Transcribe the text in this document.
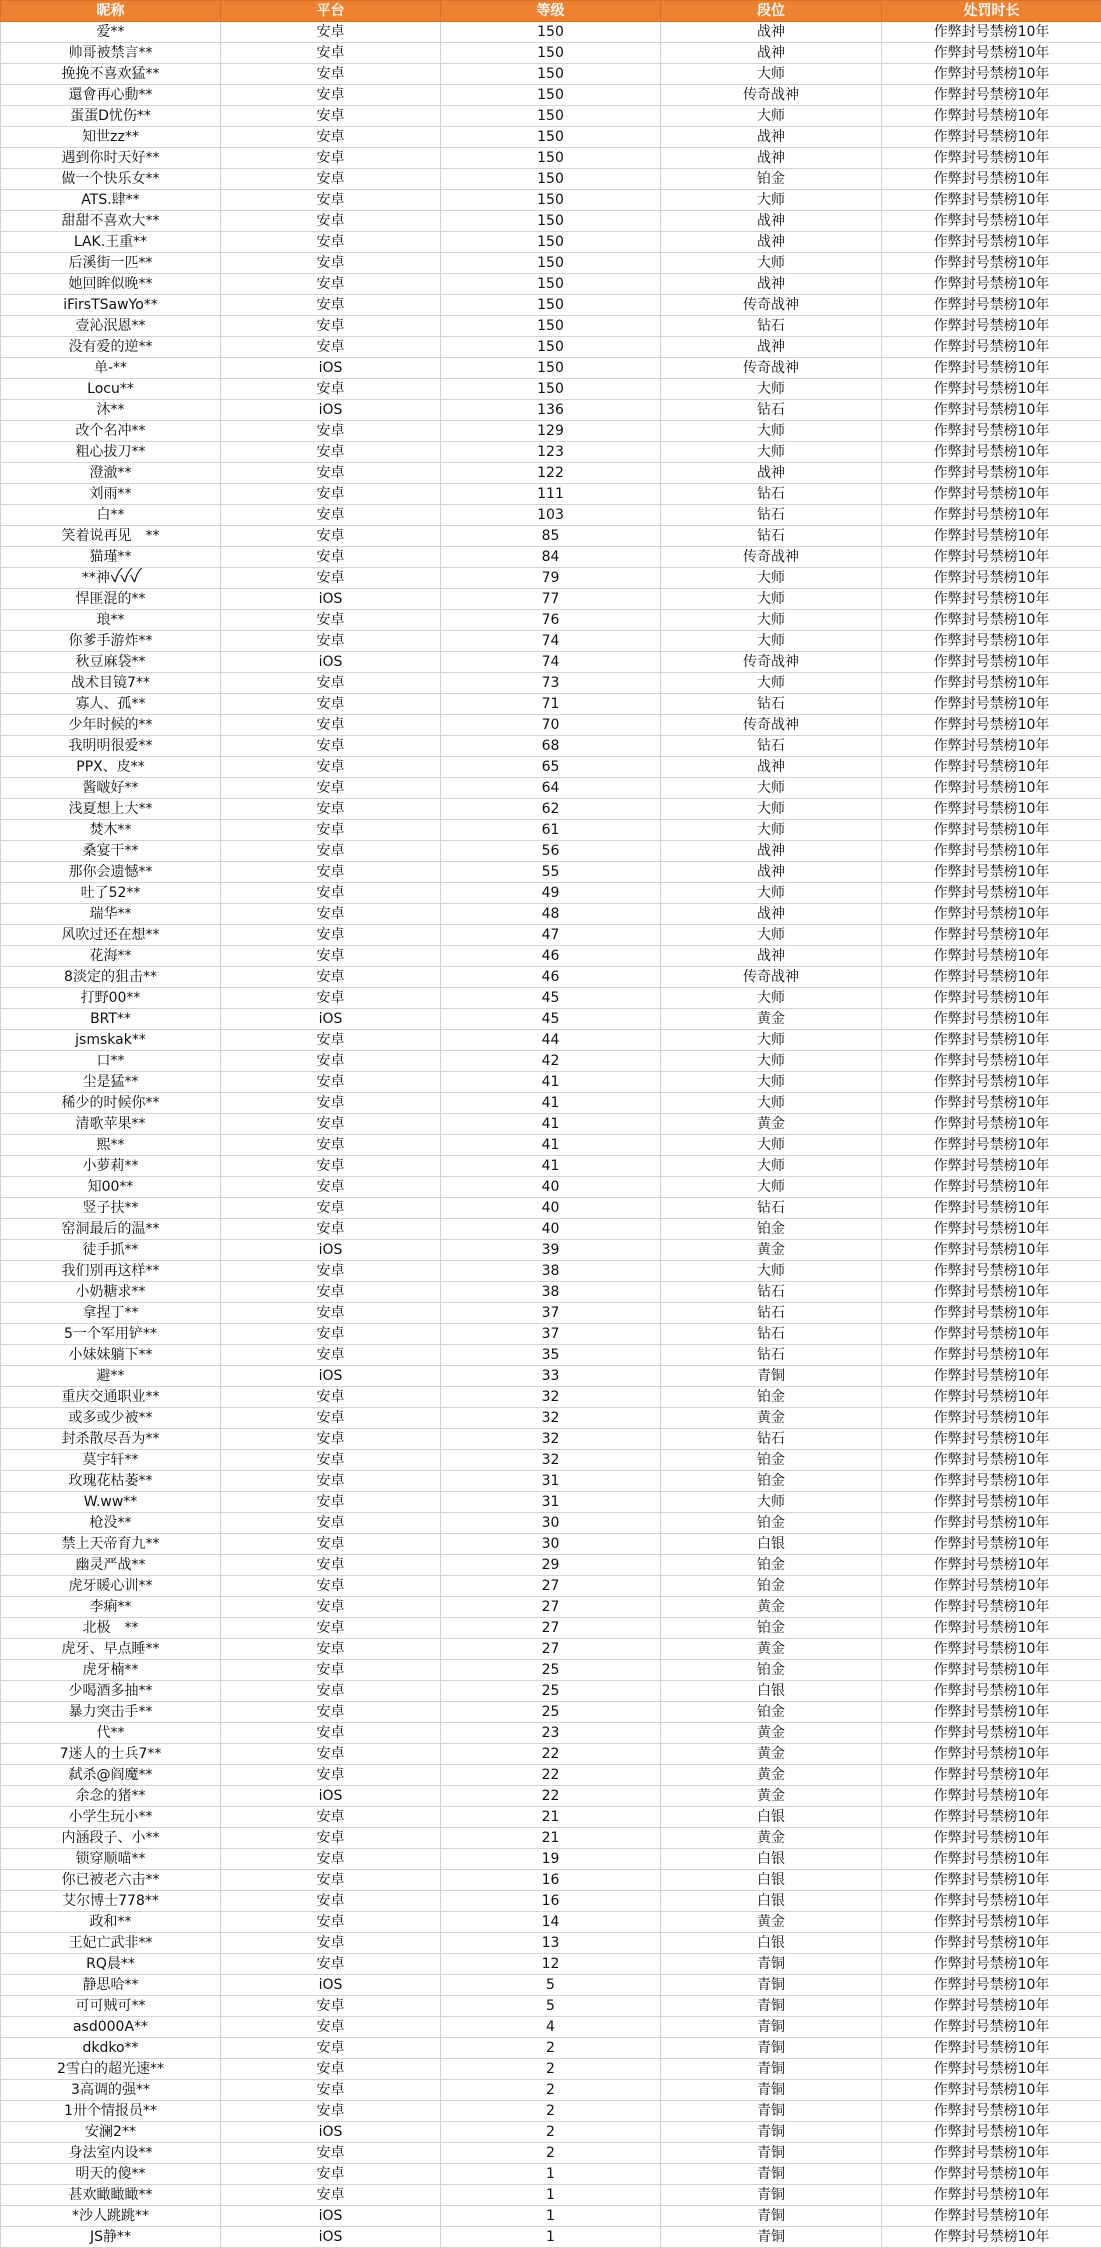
昵称	平台	等级	段位	处罚时长
爱**	安卓	150	战神	作弊封号禁榜10年
帅哥被禁言**	安卓	150	战神	作弊封号禁榜10年
挽挽不喜欢猛**	安卓	150	大师	作弊封号禁榜10年
還會再心動**	安卓	150	传奇战神	作弊封号禁榜10年
蛋蛋D忧伤**	安卓	150	大师	作弊封号禁榜10年
知世zz**	安卓	150	战神	作弊封号禁榜10年
遇到你时天好**	安卓	150	战神	作弊封号禁榜10年
做一个快乐女**	安卓	150	铂金	作弊封号禁榜10年
ATS.肆**	安卓	150	大师	作弊封号禁榜10年
甜甜不喜欢大**	安卓	150	战神	作弊封号禁榜10年
LAK.王重**	安卓	150	战神	作弊封号禁榜10年
后溪街一匹**	安卓	150	大师	作弊封号禁榜10年
她回眸似晚**	安卓	150	战神	作弊封号禁榜10年
iFirsTSawYo**	安卓	150	传奇战神	作弊封号禁榜10年
壹沁泯恩**	安卓	150	钻石	作弊封号禁榜10年
没有爱的逆**	安卓	150	战神	作弊封号禁榜10年
单-**	iOS	150	传奇战神	作弊封号禁榜10年
Locu**	安卓	150	大师	作弊封号禁榜10年
沐**	iOS	136	钻石	作弊封号禁榜10年
改个名冲**	安卓	129	大师	作弊封号禁榜10年
粗心拔刀**	安卓	123	大师	作弊封号禁榜10年
澄澈**	安卓	122	战神	作弊封号禁榜10年
刘雨**	安卓	111	钻石	作弊封号禁榜10年
白**	安卓	103	钻石	作弊封号禁榜10年
笑着说再见　**	安卓	85	钻石	作弊封号禁榜10年
猫瑾**	安卓	84	传奇战神	作弊封号禁榜10年
**神ꪜꪜꪜ	安卓	79	大师	作弊封号禁榜10年
悍匪混的**	iOS	77	大师	作弊封号禁榜10年
琅**	安卓	76	大师	作弊封号禁榜10年
你爹手游炸**	安卓	74	大师	作弊封号禁榜10年
秋豆麻袋**	iOS	74	传奇战神	作弊封号禁榜10年
战术目镜7**	安卓	73	大师	作弊封号禁榜10年
寡人、孤**	安卓	71	钻石	作弊封号禁榜10年
少年时候的**	安卓	70	传奇战神	作弊封号禁榜10年
我明明很爱**	安卓	68	钻石	作弊封号禁榜10年
PPX、皮**	安卓	65	战神	作弊封号禁榜10年
酱啵好**	安卓	64	大师	作弊封号禁榜10年
浅夏想上大**	安卓	62	大师	作弊封号禁榜10年
焚木**	安卓	61	大师	作弊封号禁榜10年
桑宴干**	安卓	56	战神	作弊封号禁榜10年
那你会遗憾**	安卓	55	战神	作弊封号禁榜10年
吐了52**	安卓	49	大师	作弊封号禁榜10年
瑞华**	安卓	48	战神	作弊封号禁榜10年
风吹过还在想**	安卓	47	大师	作弊封号禁榜10年
花海**	安卓	46	战神	作弊封号禁榜10年
8淡定的狙击**	安卓	46	传奇战神	作弊封号禁榜10年
打野00**	安卓	45	大师	作弊封号禁榜10年
BRT**	iOS	45	黄金	作弊封号禁榜10年
jsmskak**	安卓	44	大师	作弊封号禁榜10年
口**	安卓	42	大师	作弊封号禁榜10年
尘是猛**	安卓	41	大师	作弊封号禁榜10年
稀少的时候你**	安卓	41	大师	作弊封号禁榜10年
清歌苹果**	安卓	41	黄金	作弊封号禁榜10年
熙**	安卓	41	大师	作弊封号禁榜10年
小萝莉**	安卓	41	大师	作弊封号禁榜10年
知00**	安卓	40	大师	作弊封号禁榜10年
竖子扶**	安卓	40	钻石	作弊封号禁榜10年
窑洞最后的温**	安卓	40	铂金	作弊封号禁榜10年
徒手抓**	iOS	39	黄金	作弊封号禁榜10年
我们别再这样**	安卓	38	大师	作弊封号禁榜10年
小奶糖求**	安卓	38	钻石	作弊封号禁榜10年
拿捏丁**	安卓	37	钻石	作弊封号禁榜10年
5一个军用铲**	安卓	37	钻石	作弊封号禁榜10年
小妹妹躺下**	安卓	35	钻石	作弊封号禁榜10年
避**	iOS	33	青铜	作弊封号禁榜10年
重庆交通职业**	安卓	32	铂金	作弊封号禁榜10年
或多或少被**	安卓	32	黄金	作弊封号禁榜10年
封杀散尽吾为**	安卓	32	钻石	作弊封号禁榜10年
莫宇轩**	安卓	32	铂金	作弊封号禁榜10年
玫瑰花枯萎**	安卓	31	铂金	作弊封号禁榜10年
W.ww**	安卓	31	大师	作弊封号禁榜10年
枪没**	安卓	30	铂金	作弊封号禁榜10年
禁上天帝育九**	安卓	30	白银	作弊封号禁榜10年
幽灵严战**	安卓	29	铂金	作弊封号禁榜10年
虎牙暖心训**	安卓	27	铂金	作弊封号禁榜10年
李痢**	安卓	27	黄金	作弊封号禁榜10年
北极　**	安卓	27	铂金	作弊封号禁榜10年
虎牙、早点睡**	安卓	27	黄金	作弊封号禁榜10年
虎牙楠**	安卓	25	铂金	作弊封号禁榜10年
少喝酒多抽**	安卓	25	白银	作弊封号禁榜10年
暴力突击手**	安卓	25	铂金	作弊封号禁榜10年
代**	安卓	23	黄金	作弊封号禁榜10年
7迷人的士兵7**	安卓	22	黄金	作弊封号禁榜10年
弑杀@阎魔**	安卓	22	黄金	作弊封号禁榜10年
余念的猪**	iOS	22	黄金	作弊封号禁榜10年
小学生玩小**	安卓	21	白银	作弊封号禁榜10年
内涵段子、小**	安卓	21	黄金	作弊封号禁榜10年
锁穿顺喵**	安卓	19	白银	作弊封号禁榜10年
你已被老六击**	安卓	16	白银	作弊封号禁榜10年
艾尔博士778**	安卓	16	白银	作弊封号禁榜10年
政和**	安卓	14	黄金	作弊封号禁榜10年
王妃亡武非**	安卓	13	白银	作弊封号禁榜10年
RQ晨**	安卓	12	青铜	作弊封号禁榜10年
静思哈**	iOS	5	青铜	作弊封号禁榜10年
可可贼可**	安卓	5	青铜	作弊封号禁榜10年
asd000A**	安卓	4	青铜	作弊封号禁榜10年
dkdko**	安卓	2	青铜	作弊封号禁榜10年
2雪白的超光速**	安卓	2	青铜	作弊封号禁榜10年
3高调的强**	安卓	2	青铜	作弊封号禁榜10年
1卅个情报员**	安卓	2	青铜	作弊封号禁榜10年
安澜2**	iOS	2	青铜	作弊封号禁榜10年
身法室内设**	安卓	2	青铜	作弊封号禁榜10年
明天的傻**	安卓	1	青铜	作弊封号禁榜10年
甚欢瞰瞰瞰**	安卓	1	青铜	作弊封号禁榜10年
*沙人跳跳**	iOS	1	青铜	作弊封号禁榜10年
JS静**	iOS	1	青铜	作弊封号禁榜10年
